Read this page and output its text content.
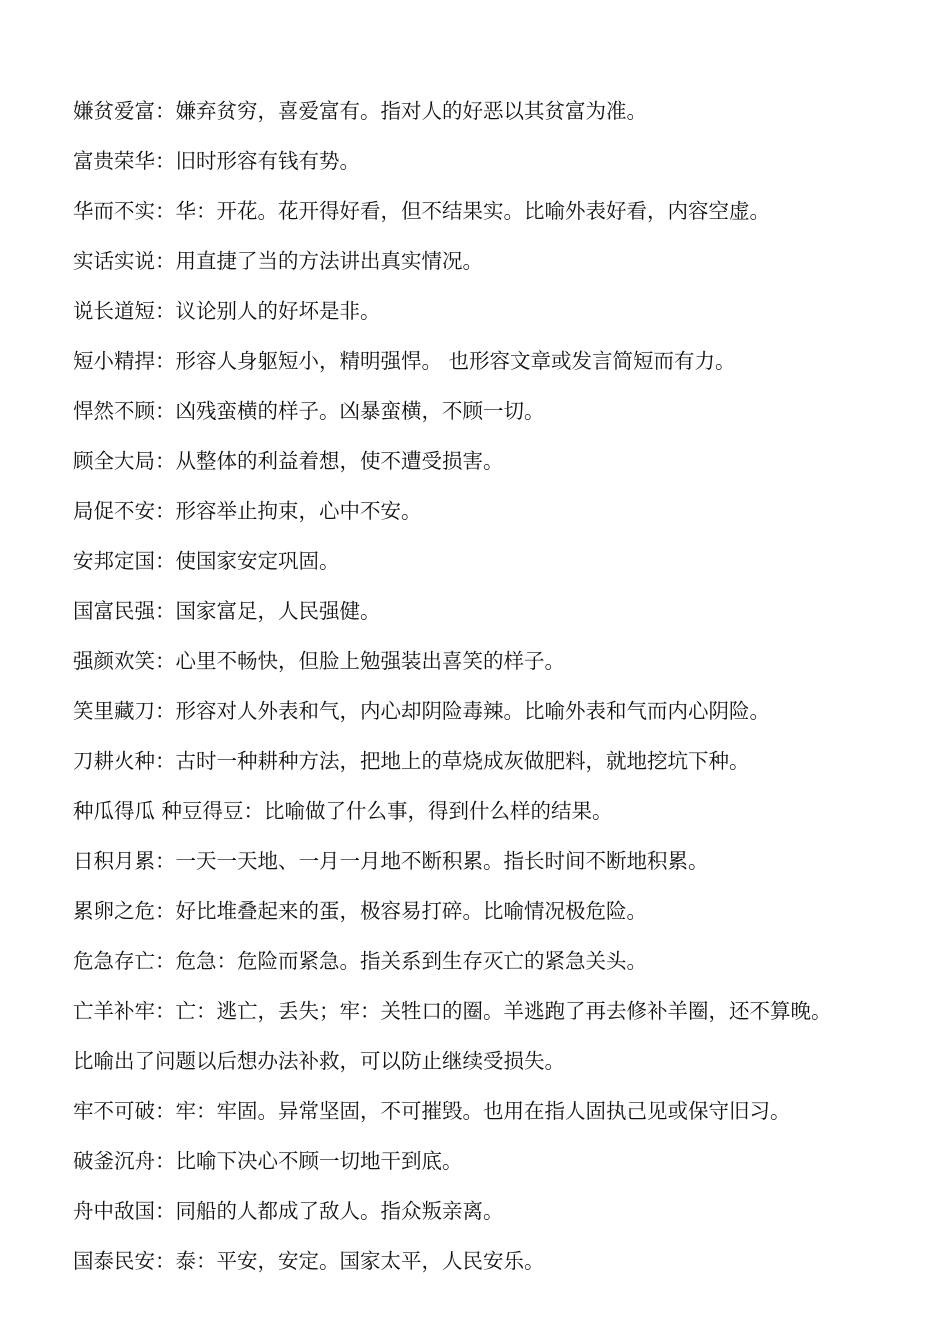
嫌贫爱富：嫌弃贫穷，喜爱富有。指对人的好恶以其贫富为准。
富贵荣华：旧时形容有钱有势。
华而不实：华：开花。花开得好看，但不结果实。比喻外表好看，内容空虚。
实话实说：用直捷了当的方法讲出真实情况。
说长道短：议论别人的好坏是非。
短小精捍：形容人身躯短小，精明强悍。 也形容文章或发言简短而有力。
悍然不顾：凶残蛮横的样子。凶暴蛮横，不顾一切。
顾全大局：从整体的利益着想，使不遭受损害。
局促不安：形容举止拘束，心中不安。
安邦定国：使国家安定巩固。
国富民强：国家富足，人民强健。
强颜欢笑：心里不畅快，但脸上勉强装出喜笑的样子。
笑里藏刀：形容对人外表和气，内心却阴险毒辣。比喻外表和气而内心阴险。
刀耕火种：古时一种耕种方法，把地上的草烧成灰做肥料，就地挖坑下种。
种瓜得瓜 种豆得豆：比喻做了什么事，得到什么样的结果。
日积月累：一天一天地、一月一月地不断积累。指长时间不断地积累。
累卵之危：好比堆叠起来的蛋，极容易打碎。比喻情况极危险。
危急存亡：危急：危险而紧急。指关系到生存灭亡的紧急关头。
亡羊补牢：亡：逃亡，丢失；牢：关牲口的圈。羊逃跑了再去修补羊圈，还不算晚。
比喻出了问题以后想办法补救，可以防止继续受损失。
牢不可破：牢：牢固。异常坚固，不可摧毁。也用在指人固执己见或保守旧习。
破釜沉舟：比喻下决心不顾一切地干到底。
舟中敌国：同船的人都成了敌人。指众叛亲离。
国泰民安：泰：平安，安定。国家太平，人民安乐。
